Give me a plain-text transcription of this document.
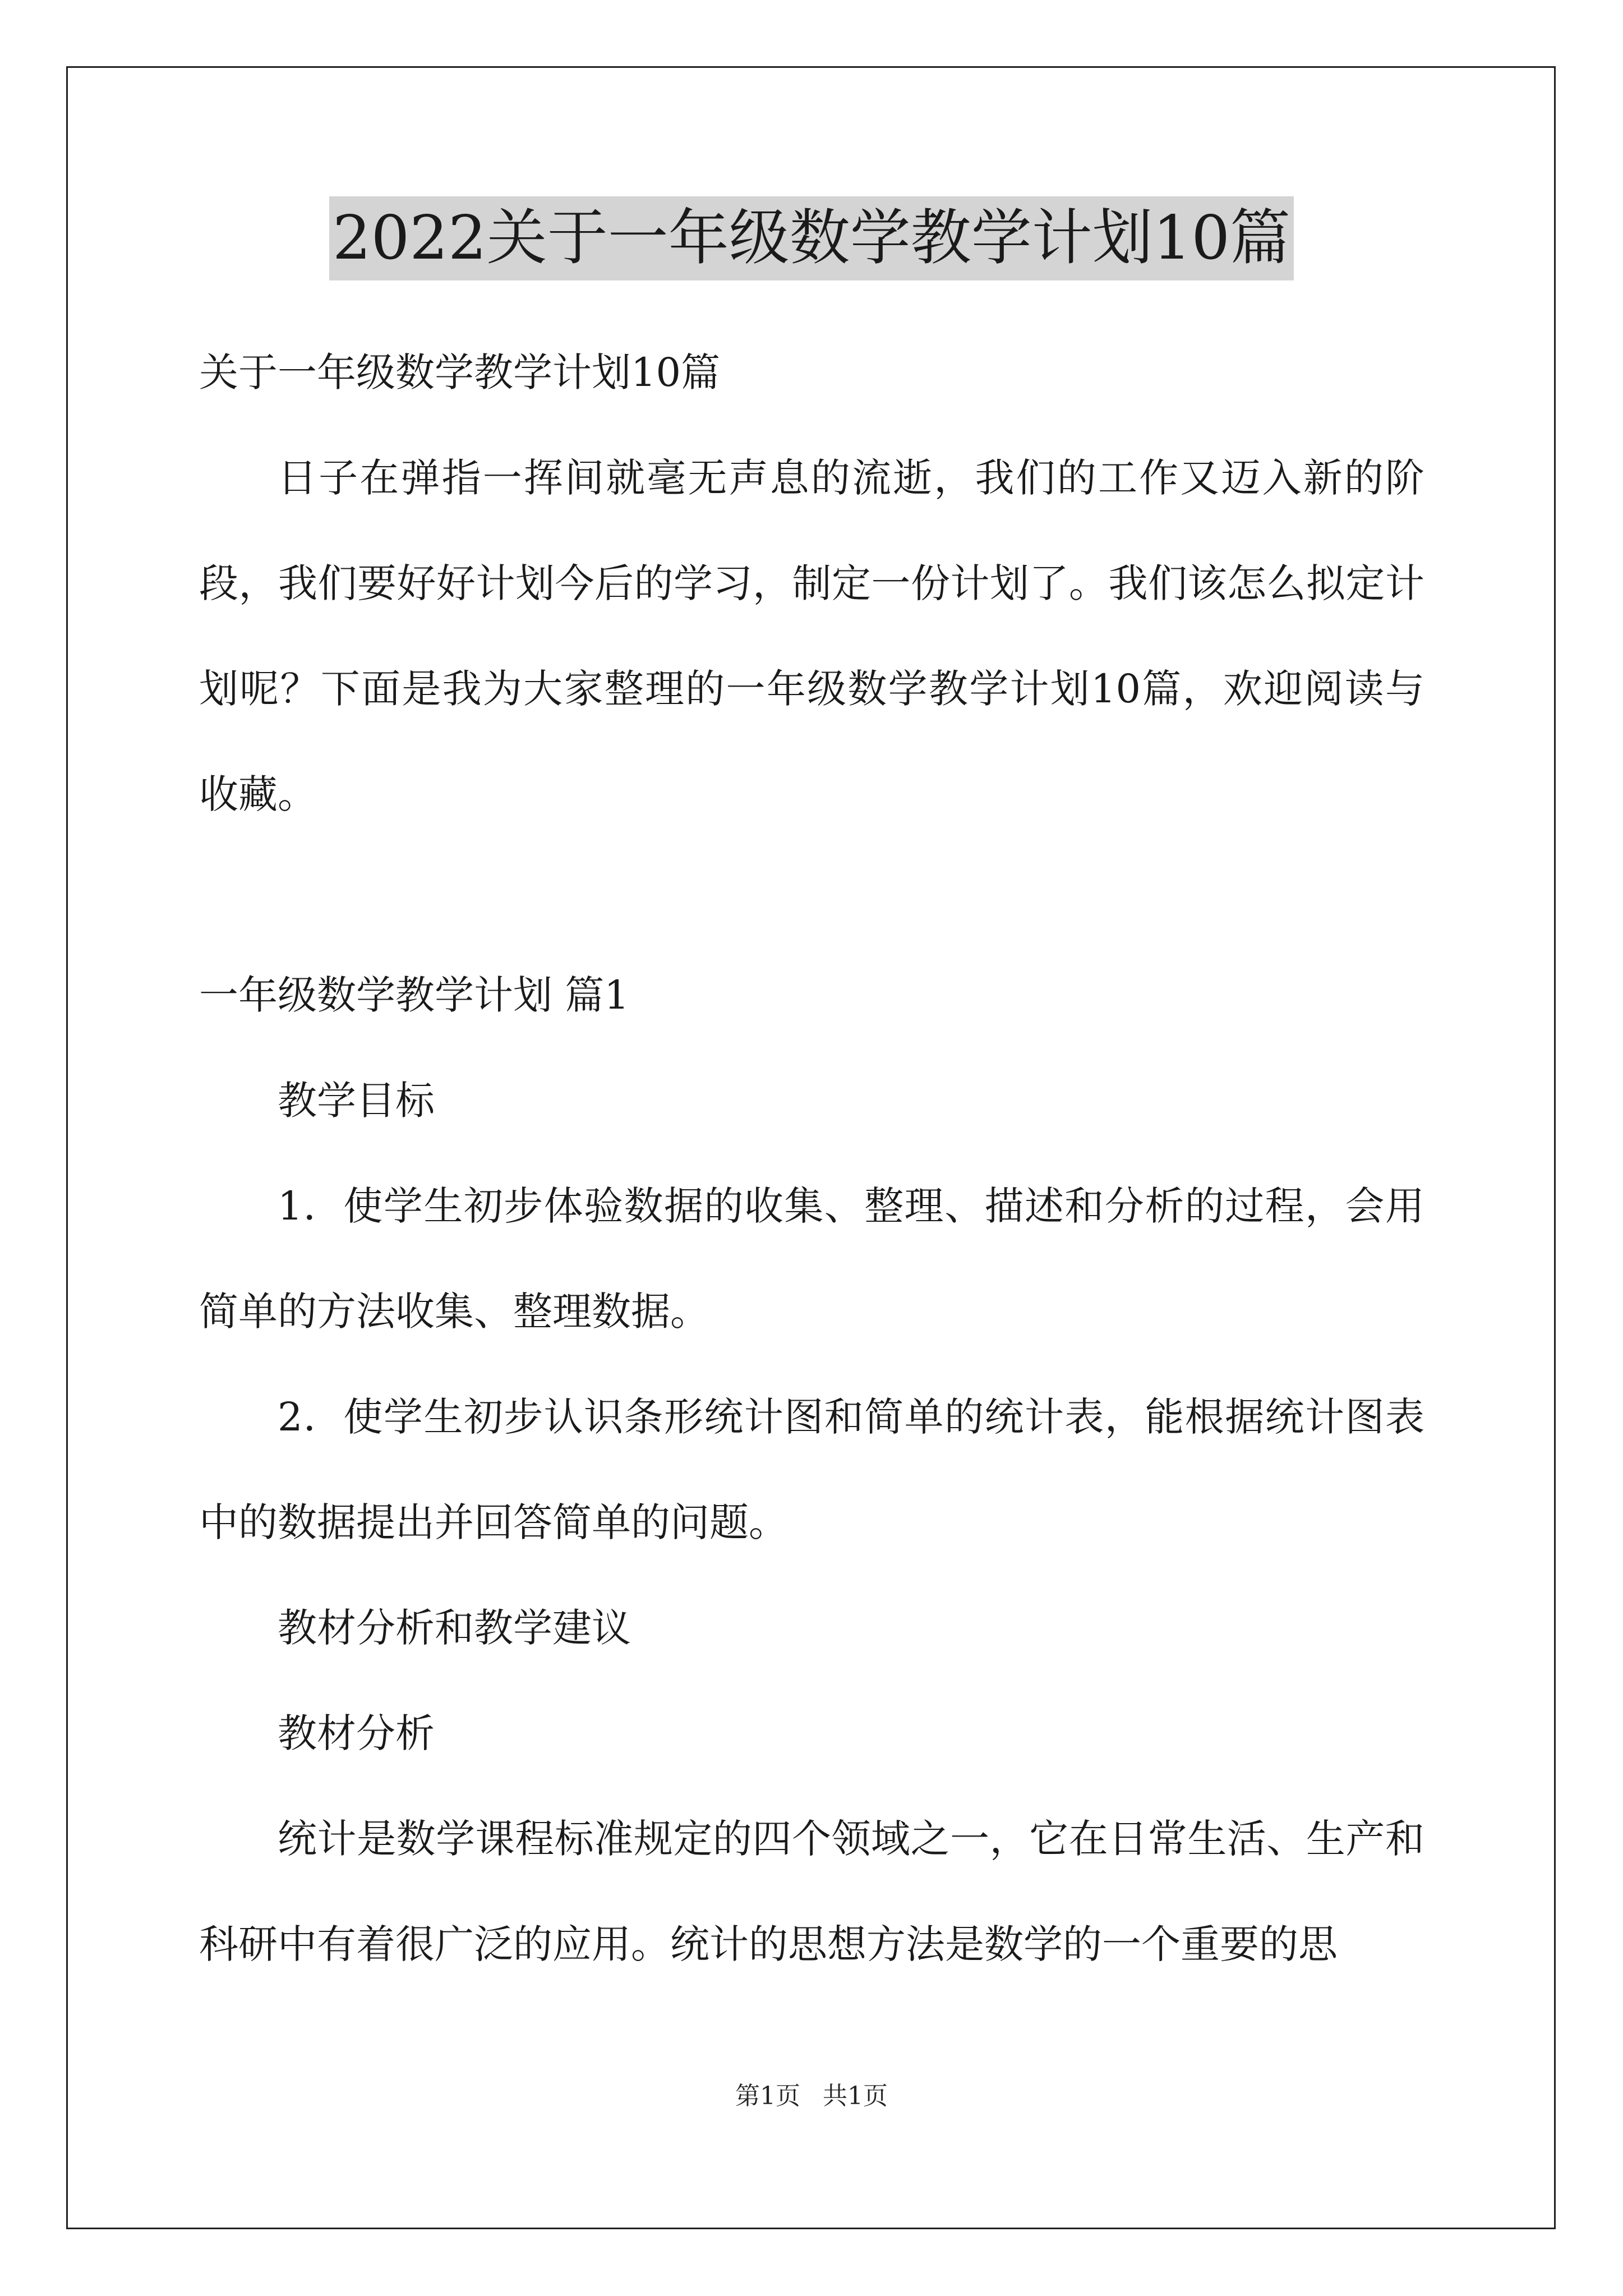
2022关于一年级数学教学计划10篇

关于一年级数学教学计划10篇

日子在弹指一挥间就毫无声息的流逝，我们的工作又迈入新的阶段，我们要好好计划今后的学习，制定一份计划了。我们该怎么拟定计划呢？下面是我为大家整理的一年级数学教学计划10篇，欢迎阅读与收藏。

一年级数学教学计划 篇1

教学目标

1．使学生初步体验数据的收集、整理、描述和分析的过程，会用简单的方法收集、整理数据。

2．使学生初步认识条形统计图和简单的统计表，能根据统计图表中的数据提出并回答简单的问题。

教材分析和教学建议

教材分析

统计是数学课程标准规定的四个领域之一，它在日常生活、生产和科研中有着很广泛的应用。统计的思想方法是数学的一个重要的思

第1页 共1页
